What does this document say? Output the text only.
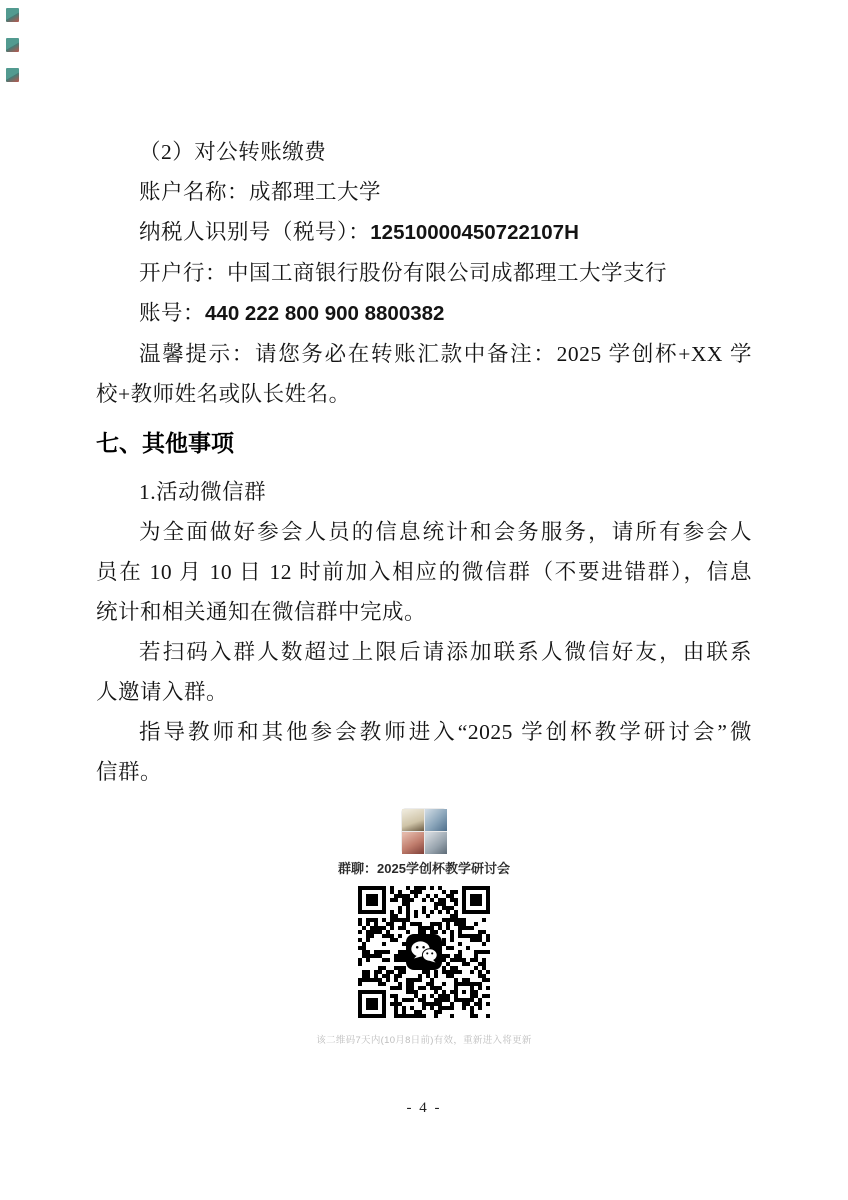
（2）对公转账缴费
账户名称：成都理工大学
纳税人识别号（税号）：12510000450722107H
开户行：中国工商银行股份有限公司成都理工大学支行
账号：440 222 800 900 8800382
温馨提示：请您务必在转账汇款中备注：2025 学创杯+XX 学
校+教师姓名或队长姓名。
七、其他事项
1.活动微信群
为全面做好参会人员的信息统计和会务服务，请所有参会人
员在 10 月 10 日 12 时前加入相应的微信群（不要进错群），信息
统计和相关通知在微信群中完成。
若扫码入群人数超过上限后请添加联系人微信好友，由联系
人邀请入群。
指导教师和其他参会教师进入“2025 学创杯教学研讨会”微
信群。
群聊：2025学创杯教学研讨会
该二维码7天内(10月8日前)有效，重新进入将更新
- 4 -
